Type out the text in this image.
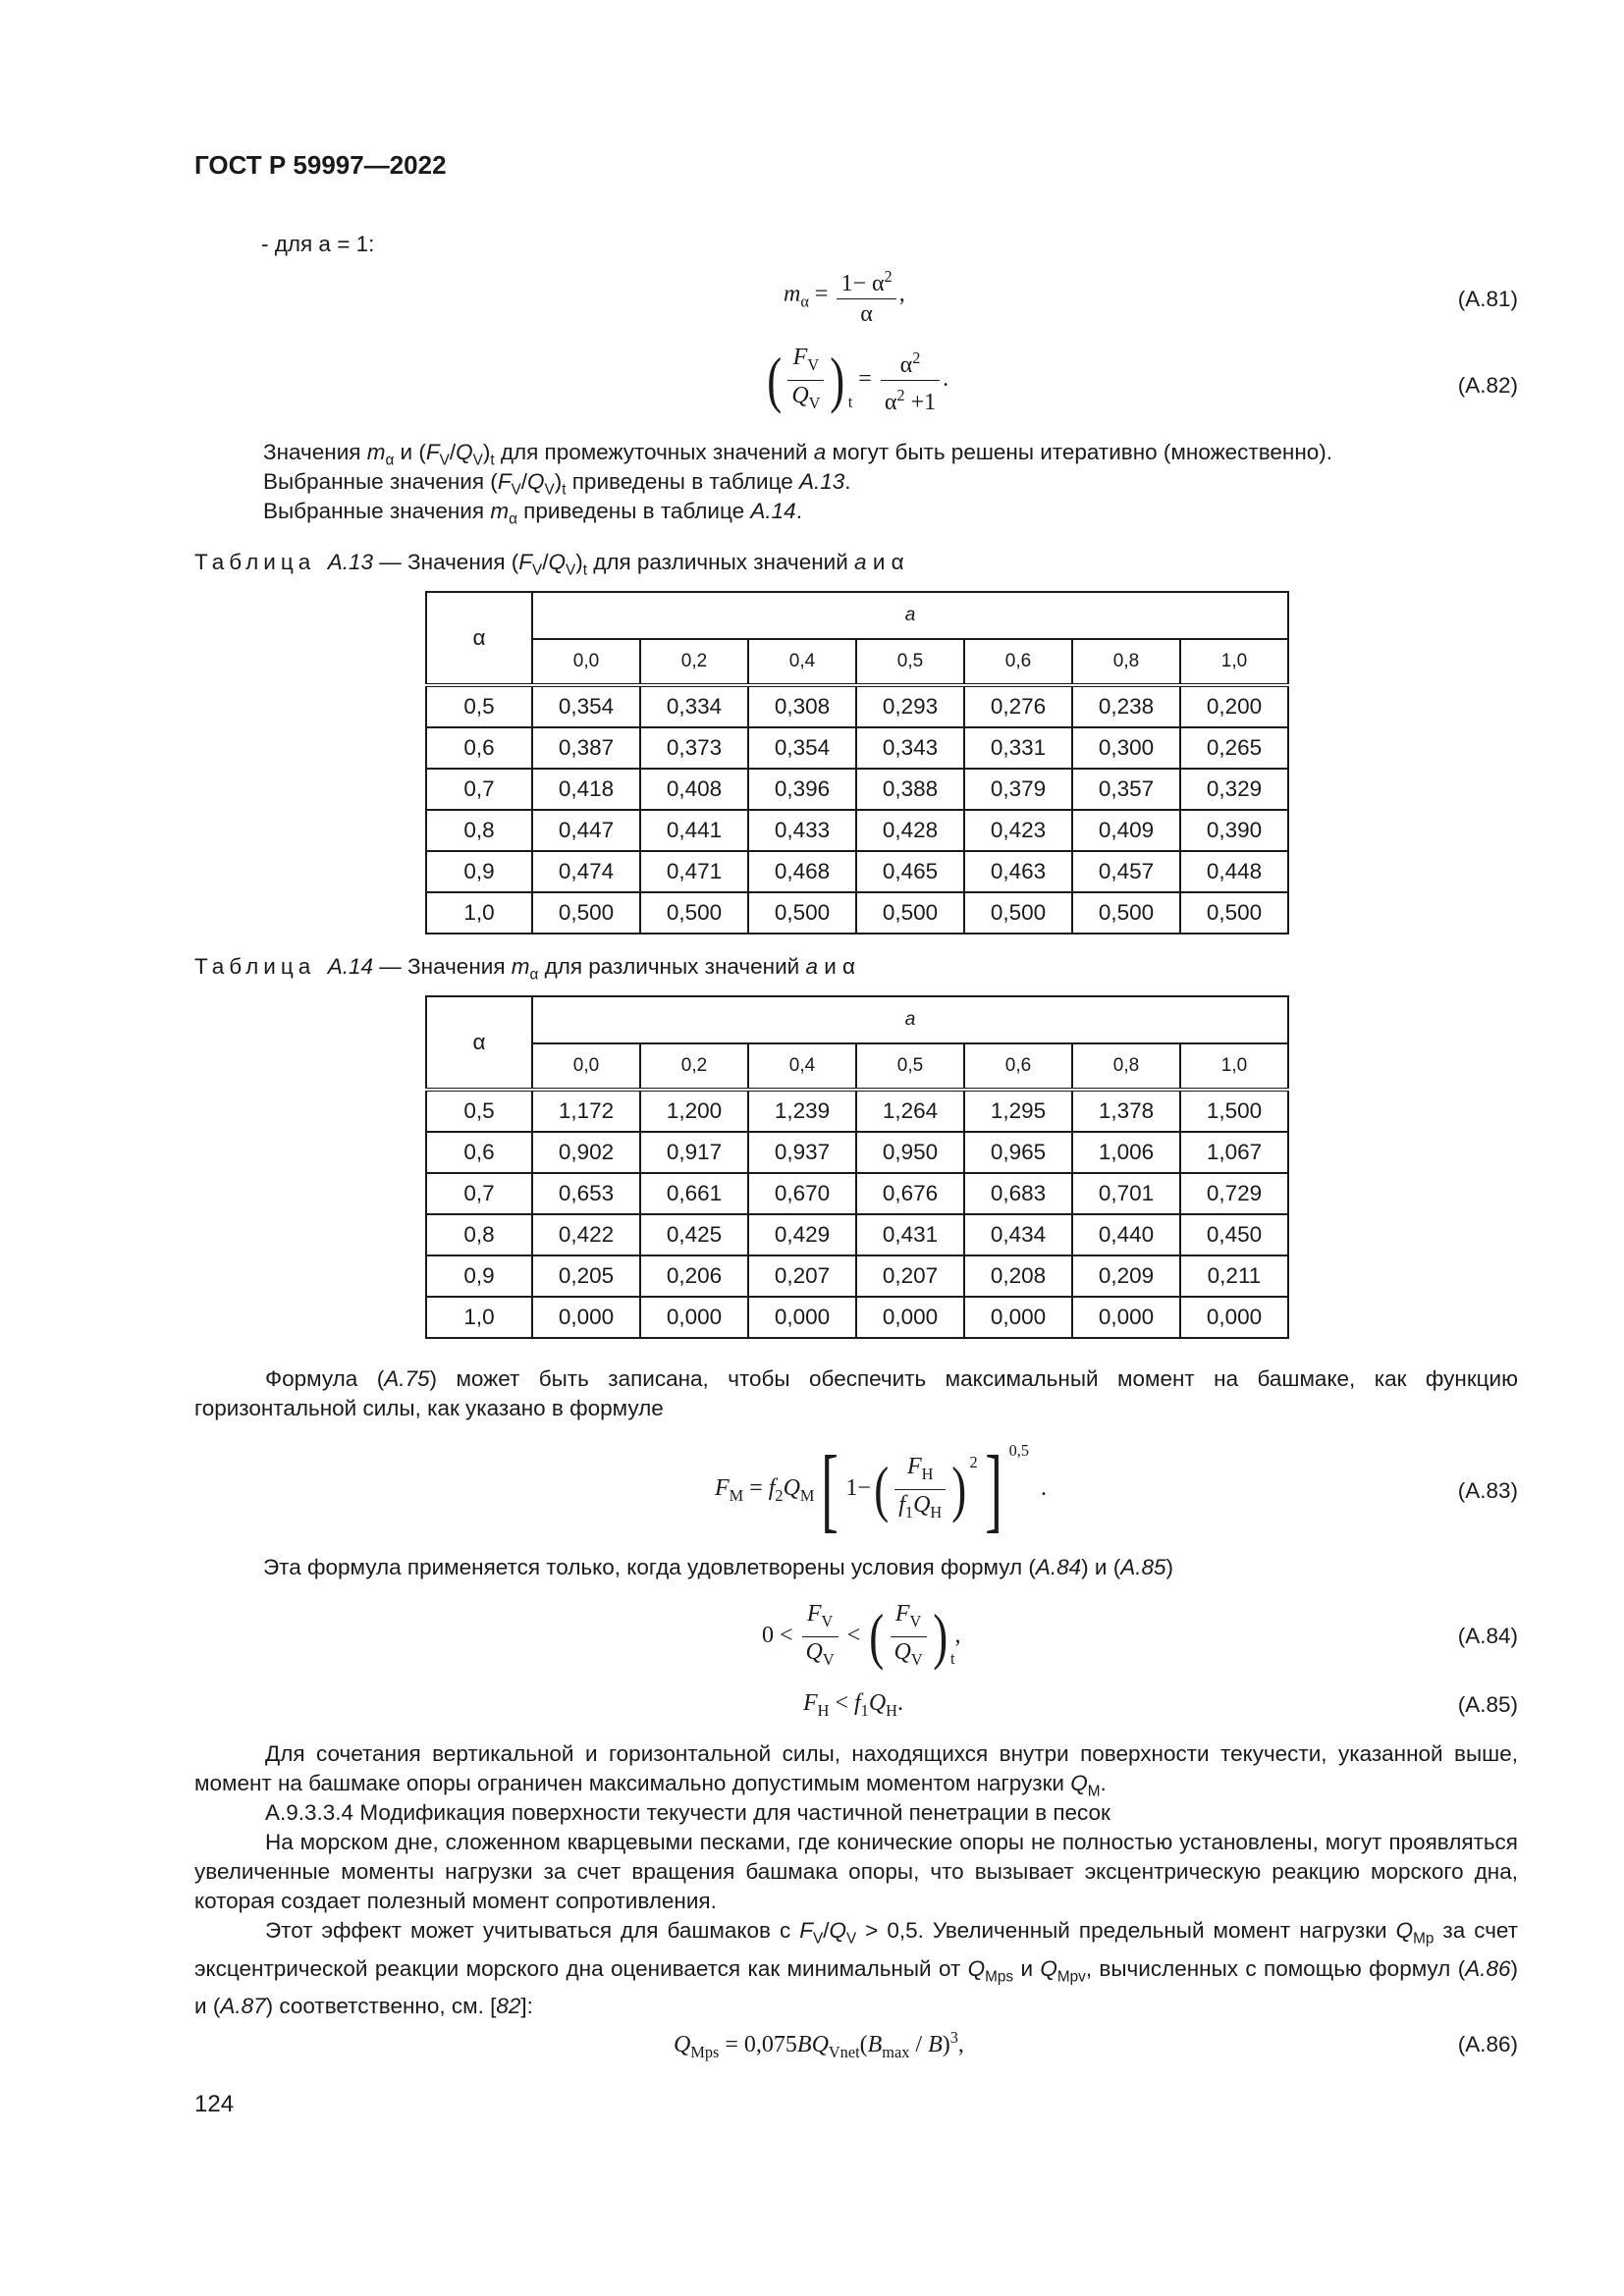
ГОСТ Р 59997—2022
- для а = 1:
$m_\alpha = \frac{1- \alpha^2}{\alpha}$ ,	(A.81)
( $\frac{F_V}{Q_V}$ ) $_t = \frac{\alpha^2}{\alpha^2 +1}$ .	(A.82)
Значения $m_\alpha$ и $(F_V/Q_V)_t$ для промежуточных значений а могут быть решены итеративно (множественно).
Выбранные значения $(F_V/Q_V)_t$ приведены в таблице А.13.
Выбранные значения $m_\alpha$ приведены в таблице А.14.
Таблица А.13 — Значения $(F_V/Q_V)_t$ для различных значений а и α
α	а						
	0,0	0,2	0,4	0,5	0,6	0,8	1,0
0,5	0,354	0,334	0,308	0,293	0,276	0,238	0,200
0,6	0,387	0,373	0,354	0,343	0,331	0,300	0,265
0,7	0,418	0,408	0,396	0,388	0,379	0,357	0,329
0,8	0,447	0,441	0,433	0,428	0,423	0,409	0,390
0,9	0,474	0,471	0,468	0,465	0,463	0,457	0,448
1,0	0,500	0,500	0,500	0,500	0,500	0,500	0,500
Таблица А.14 — Значения $m_\alpha$ для различных значений а и α
α	а						
	0,0	0,2	0,4	0,5	0,6	0,8	1,0
0,5	1,172	1,200	1,239	1,264	1,295	1,378	1,500
0,6	0,902	0,917	0,937	0,950	0,965	1,006	1,067
0,7	0,653	0,661	0,670	0,676	0,683	0,701	0,729
0,8	0,422	0,425	0,429	0,431	0,434	0,440	0,450
0,9	0,205	0,206	0,207	0,207	0,208	0,209	0,211
1,0	0,000	0,000	0,000	0,000	0,000	0,000	0,000
Формула (А.75) может быть записана, чтобы обеспечить максимальный момент на башмаке, как функцию горизонтальной силы, как указано в формуле
$F_M = f_2Q_M$[ $1-( \frac{F_H}{f_1Q_H}$ ) $^2$] $^{0,5}$  .	(A.83)
Эта формула применяется только, когда удовлетворены условия формул (А.84) и (А.85)
$0 < \frac{F_V}{Q_V}$ < ( $\frac{F_V}{Q_V}$ ) $_t$,	(A.84)
$F_H < f_1Q_H$.	(A.85)
Для сочетания вертикальной и горизонтальной силы, находящихся внутри поверхности текучести, указанной выше, момент на башмаке опоры ограничен максимально допустимым моментом нагрузки $Q_M$.
А.9.3.3.4 Модификация поверхности текучести для частичной пенетрации в песок
На морском дне, сложенном кварцевыми песками, где конические опоры не полностью установлены, могут проявляться увеличенные моменты нагрузки за счет вращения башмака опоры, что вызывает эксцентрическую реакцию морского дна, которая создает полезный момент сопротивления.
Этот эффект может учитываться для башмаков с $F_V/Q_V > 0,5$. Увеличенный предельный момент нагрузки $Q_{Mp}$ за счет эксцентрической реакции морского дна оценивается как минимальный от $Q_{Mps}$ и $Q_{Mpv}$, вычисленных с помощью формул (А.86) и (А.87) соответственно, см. [82]:
$Q_{Mps} = 0,075BQ_{Vnet}(B_{max} / B)^3$,	(A.86)
124
